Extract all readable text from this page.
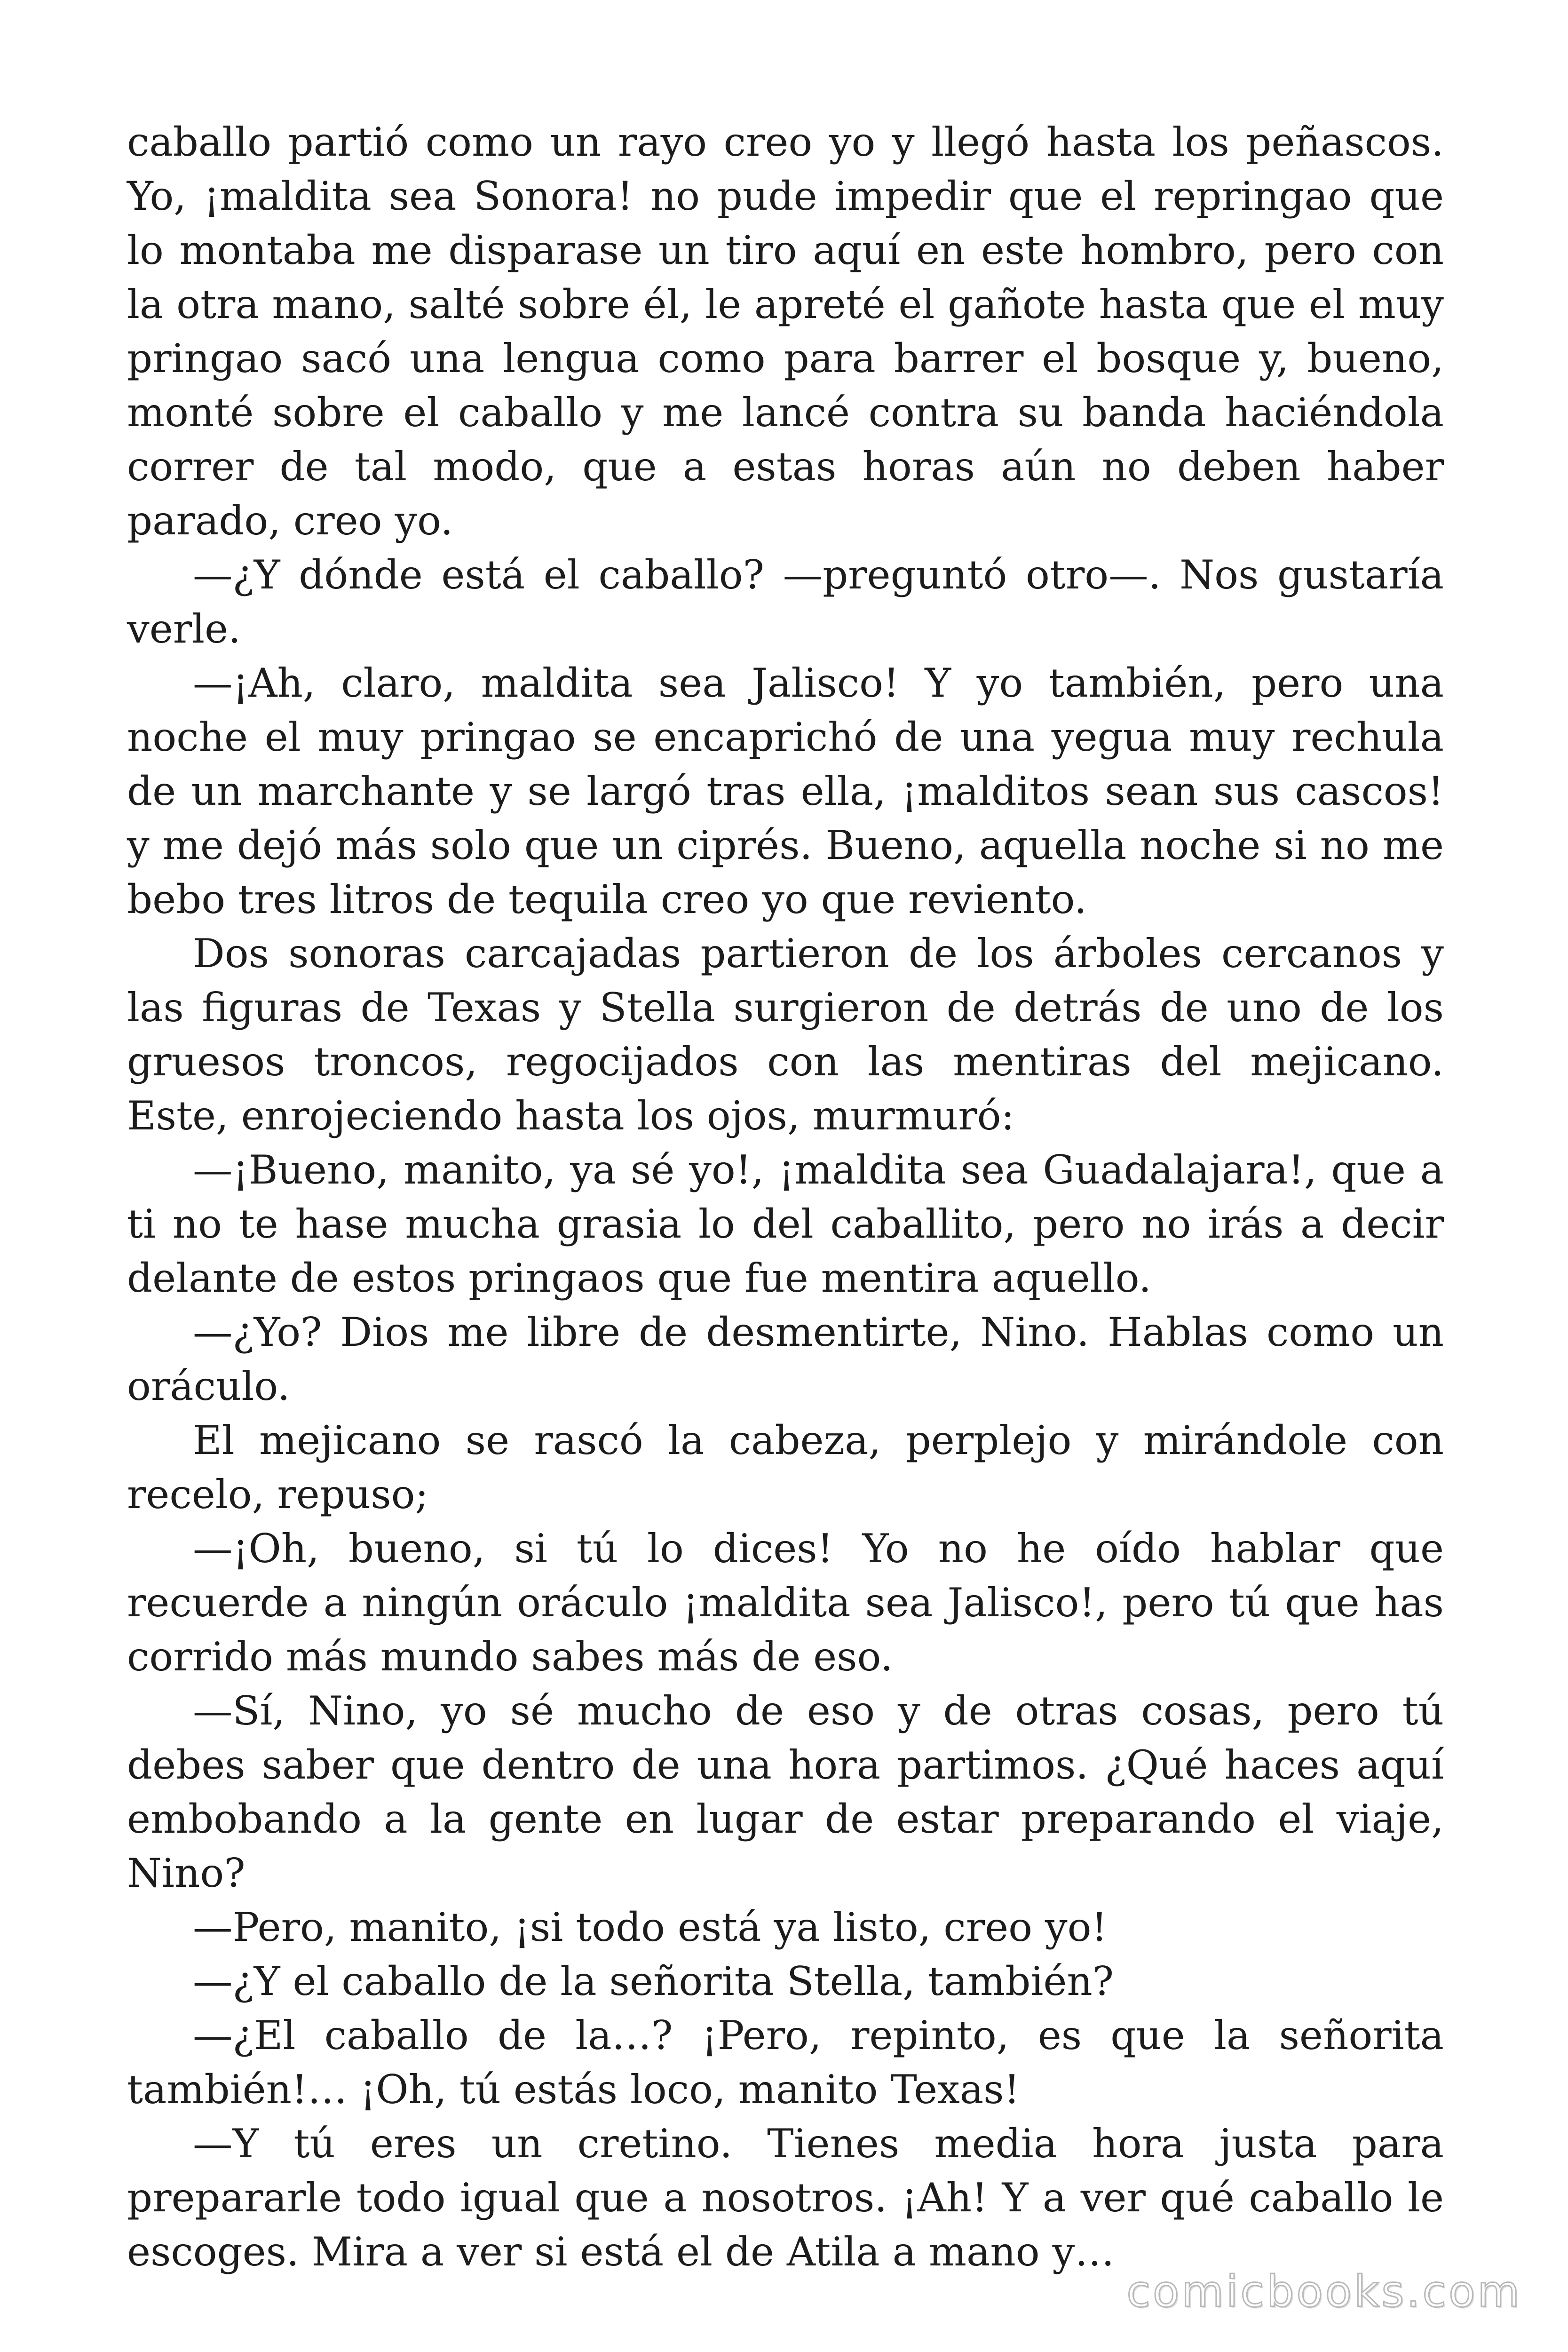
caballo partió como un rayo creo yo y llegó hasta los peñascos. Yo, ¡maldita sea Sonora! no pude impedir que el repringao que lo montaba me disparase un tiro aquí en este hombro, pero con la otra mano, salté sobre él, le apreté el gañote hasta que el muy pringao sacó una lengua como para barrer el bosque y, bueno, monté sobre el caballo y me lancé contra su banda haciéndola correr de tal modo, que a estas horas aún no deben haber parado, creo yo.

—¿Y dónde está el caballo? —preguntó otro—. Nos gustaría verle.

—¡Ah, claro, maldita sea Jalisco! Y yo también, pero una noche el muy pringao se encaprichó de una yegua muy rechula de un marchante y se largó tras ella, ¡malditos sean sus cascos! y me dejó más solo que un ciprés. Bueno, aquella noche si no me bebo tres litros de tequila creo yo que reviento.

Dos sonoras carcajadas partieron de los árboles cercanos y las figuras de Texas y Stella surgieron de detrás de uno de los gruesos troncos, regocijados con las mentiras del mejicano. Este, enrojeciendo hasta los ojos, murmuró:

—¡Bueno, manito, ya sé yo!, ¡maldita sea Guadalajara!, que a ti no te hase mucha grasia lo del caballito, pero no irás a decir delante de estos pringaos que fue mentira aquello.

—¿Yo? Dios me libre de desmentirte, Nino. Hablas como un oráculo.

El mejicano se rascó la cabeza, perplejo y mirándole con recelo, repuso;

—¡Oh, bueno, si tú lo dices! Yo no he oído hablar que recuerde a ningún oráculo ¡maldita sea Jalisco!, pero tú que has corrido más mundo sabes más de eso.

—Sí, Nino, yo sé mucho de eso y de otras cosas, pero tú debes saber que dentro de una hora partimos. ¿Qué haces aquí embobando a la gente en lugar de estar preparando el viaje, Nino?

—Pero, manito, ¡si todo está ya listo, creo yo!

—¿Y el caballo de la señorita Stella, también?

—¿El caballo de la…? ¡Pero, repinto, es que la señorita también!… ¡Oh, tú estás loco, manito Texas!

—Y tú eres un cretino. Tienes media hora justa para prepararle todo igual que a nosotros. ¡Ah! Y a ver qué caballo le escoges. Mira a ver si está el de Atila a mano y…

comicbooks.com
